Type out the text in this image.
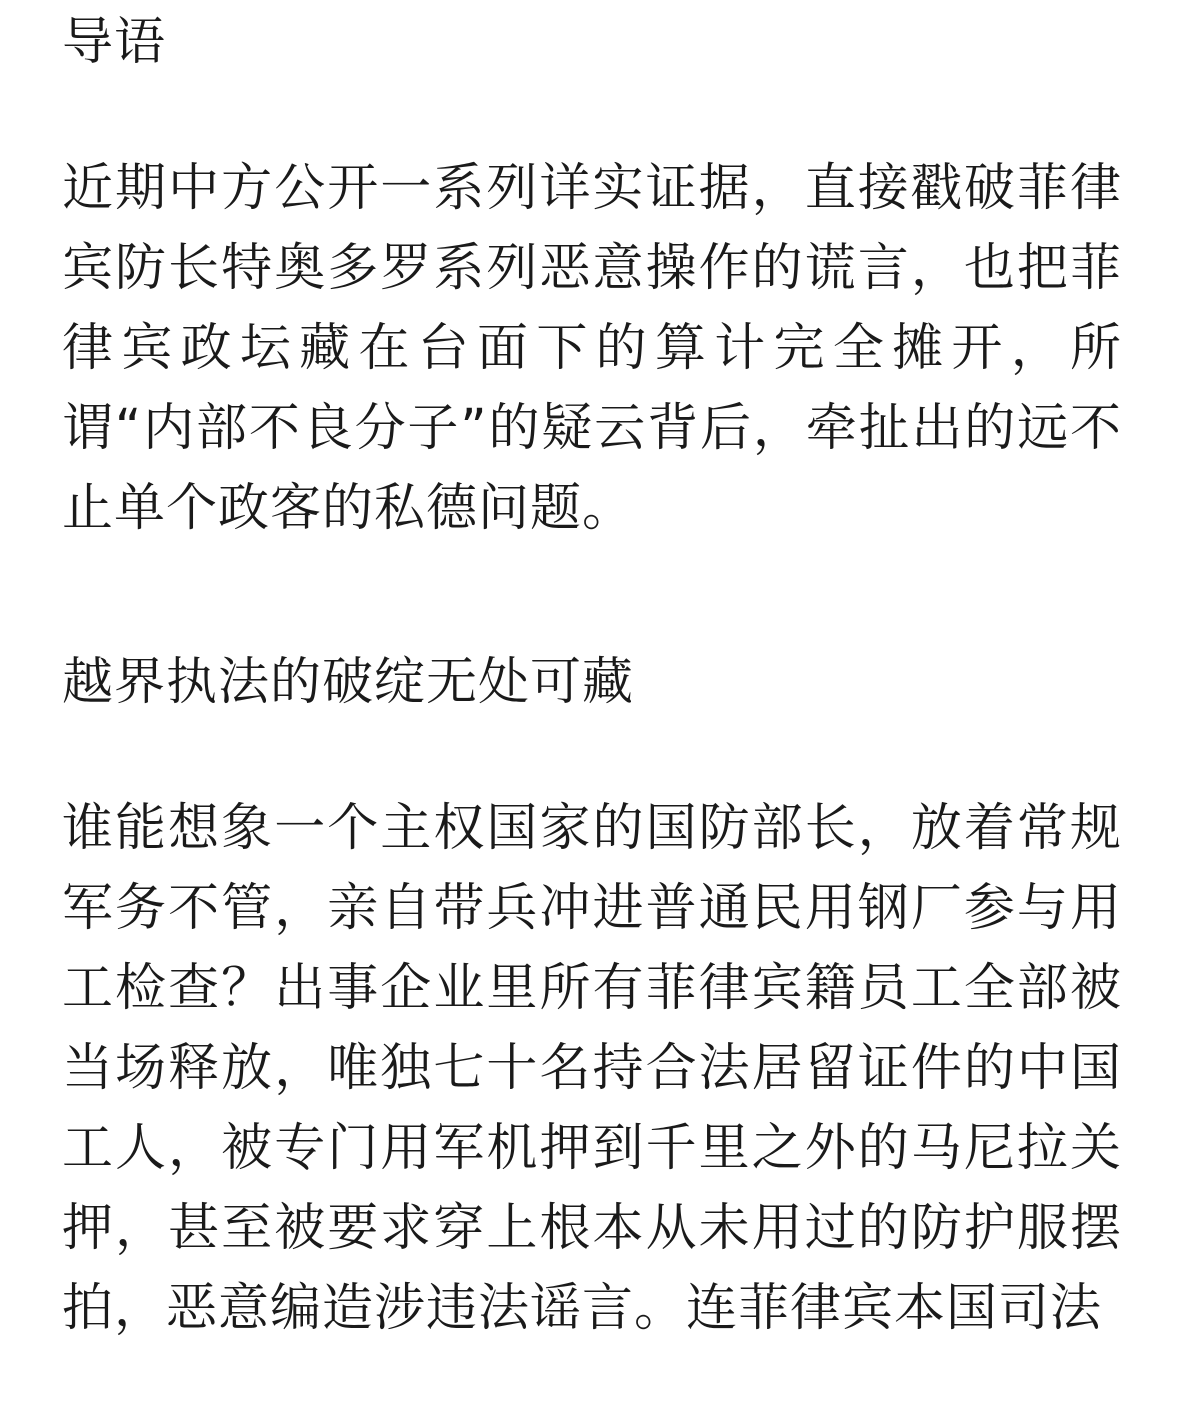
导语

近期中方公开一系列详实证据，直接戳破菲律宾防长特奥多罗系列恶意操作的谎言，也把菲律宾政坛藏在台面下的算计完全摊开，所谓“内部不良分子”的疑云背后，牵扯出的远不止单个政客的私德问题。

越界执法的破绽无处可藏

谁能想象一个主权国家的国防部长，放着常规军务不管，亲自带兵冲进普通民用钢厂参与用工检查？出事企业里所有菲律宾籍员工全部被当场释放，唯独七十名持合法居留证件的中国工人，被专门用军机押到千里之外的马尼拉关押，甚至被要求穿上根本从未用过的防护服摆拍，恶意编造涉违法谣言。连菲律宾本国司法
